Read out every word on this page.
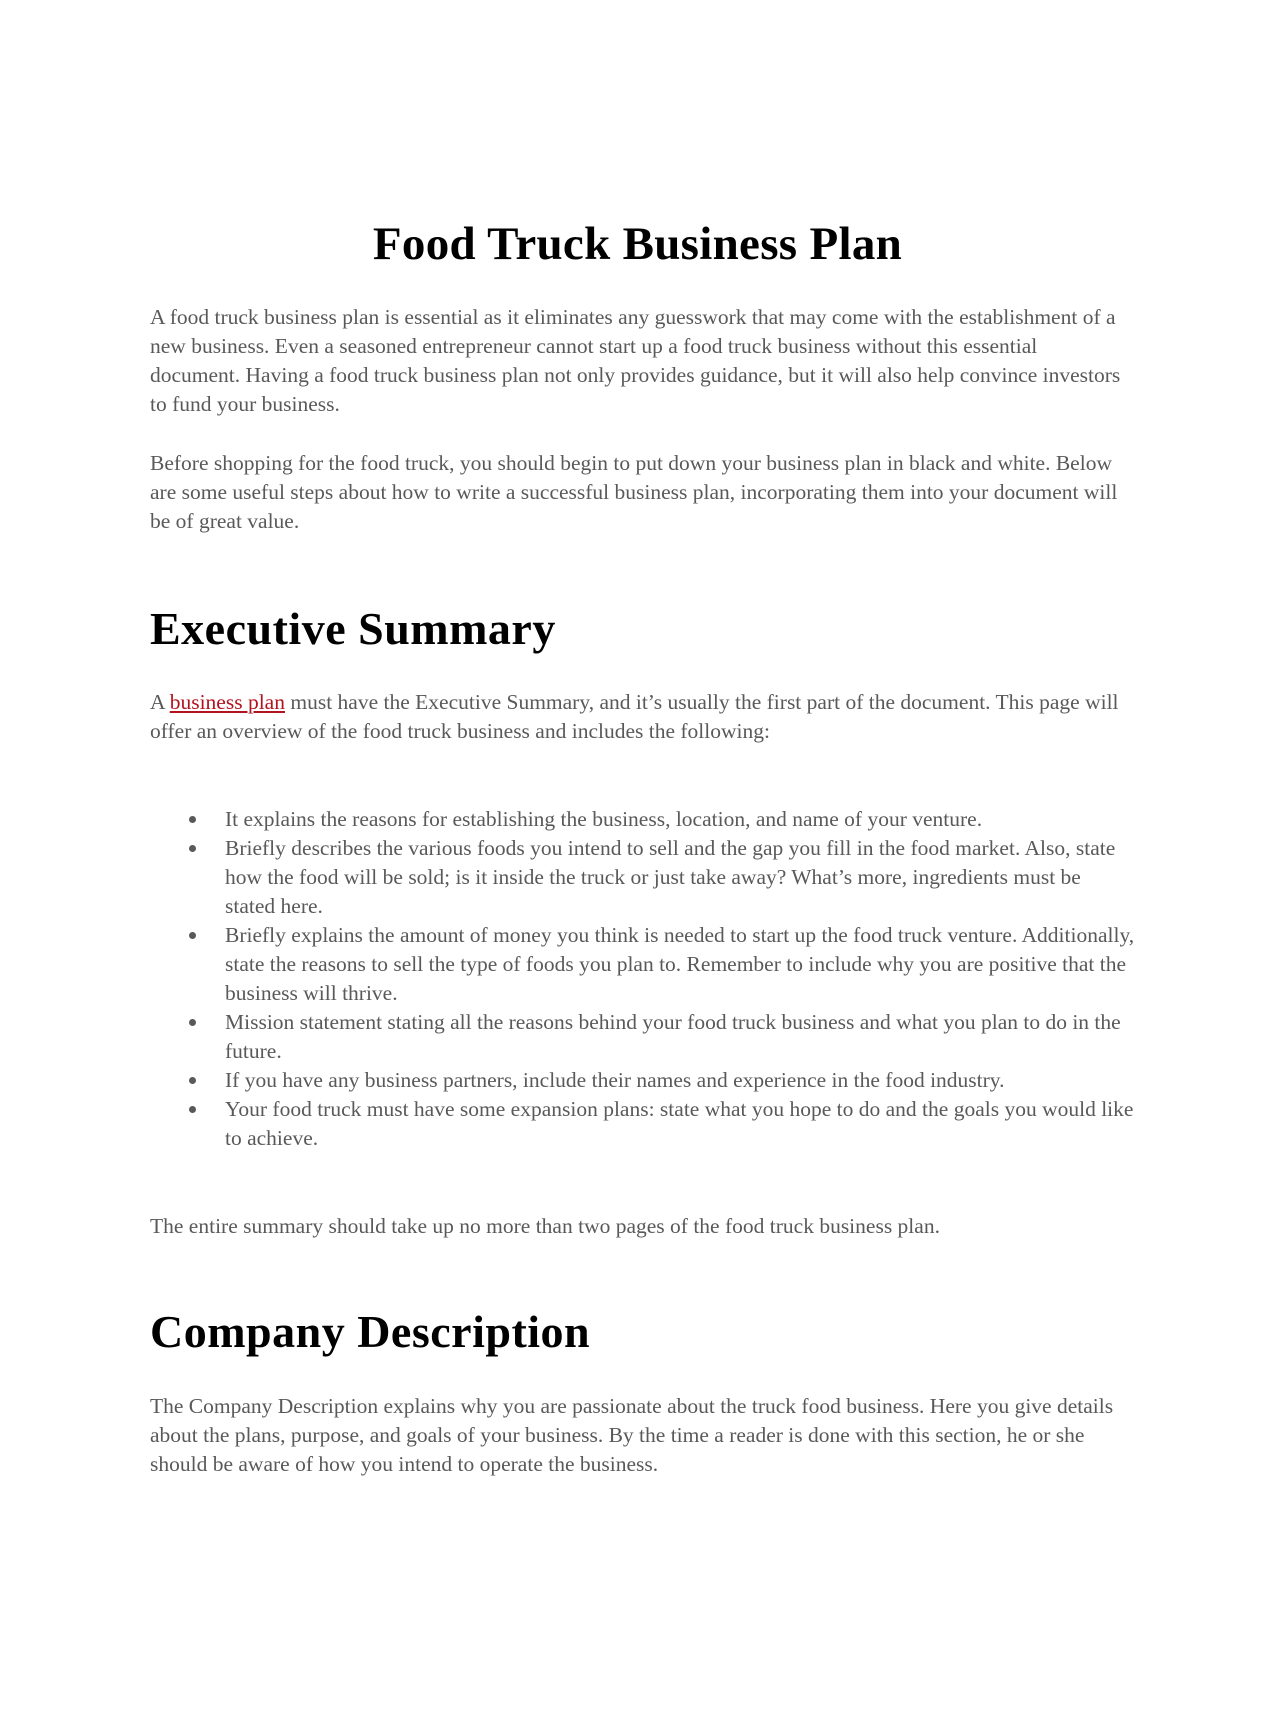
Food Truck Business Plan

A food truck business plan is essential as it eliminates any guesswork that may come with the establishment of a new business. Even a seasoned entrepreneur cannot start up a food truck business without this essential document. Having a food truck business plan not only provides guidance, but it will also help convince investors to fund your business.

Before shopping for the food truck, you should begin to put down your business plan in black and white. Below are some useful steps about how to write a successful business plan, incorporating them into your document will be of great value.

Executive Summary

A business plan must have the Executive Summary, and it’s usually the first part of the document. This page will offer an overview of the food truck business and includes the following:

It explains the reasons for establishing the business, location, and name of your venture.
Briefly describes the various foods you intend to sell and the gap you fill in the food market. Also, state how the food will be sold; is it inside the truck or just take away? What’s more, ingredients must be stated here.
Briefly explains the amount of money you think is needed to start up the food truck venture. Additionally, state the reasons to sell the type of foods you plan to. Remember to include why you are positive that the business will thrive.
Mission statement stating all the reasons behind your food truck business and what you plan to do in the future.
If you have any business partners, include their names and experience in the food industry.
Your food truck must have some expansion plans: state what you hope to do and the goals you would like to achieve.

The entire summary should take up no more than two pages of the food truck business plan.

Company Description

The Company Description explains why you are passionate about the truck food business. Here you give details about the plans, purpose, and goals of your business. By the time a reader is done with this section, he or she should be aware of how you intend to operate the business.
